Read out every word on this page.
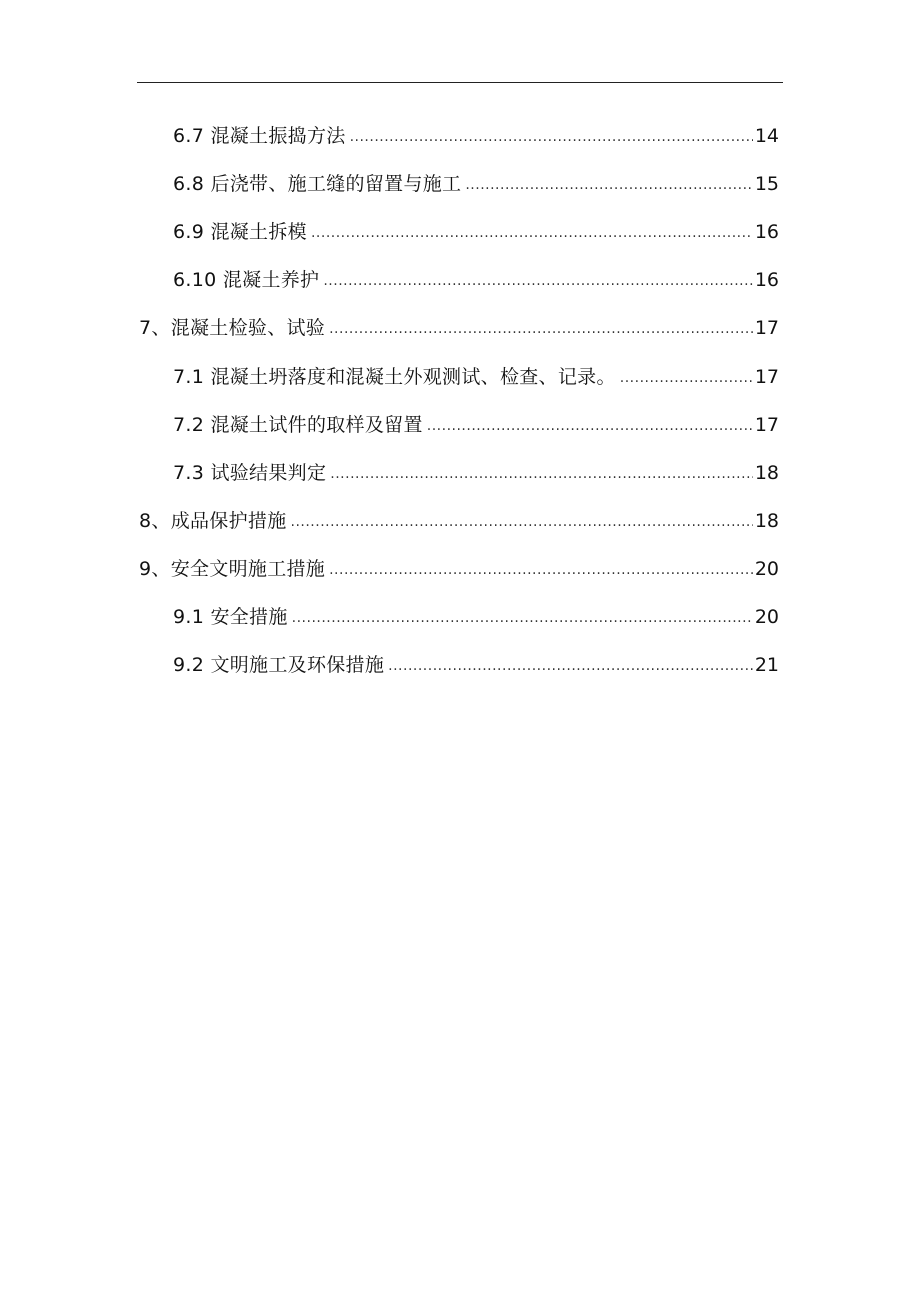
6.7 混凝土振捣方法 .....	14
6.8 后浇带、施工缝的留置与施工 .....	15
6.9 混凝土拆模 .....	16
6.10 混凝土养护 .....	16
7、混凝土检验、试验 .....	17
7.1 混凝土坍落度和混凝土外观测试、检查、记录。 .....	17
7.2 混凝土试件的取样及留置 .....	17
7.3 试验结果判定 .....	18
8、成品保护措施 .....	18
9、安全文明施工措施 .....	20
9.1 安全措施 .....	20
9.2 文明施工及环保措施 .....	21
